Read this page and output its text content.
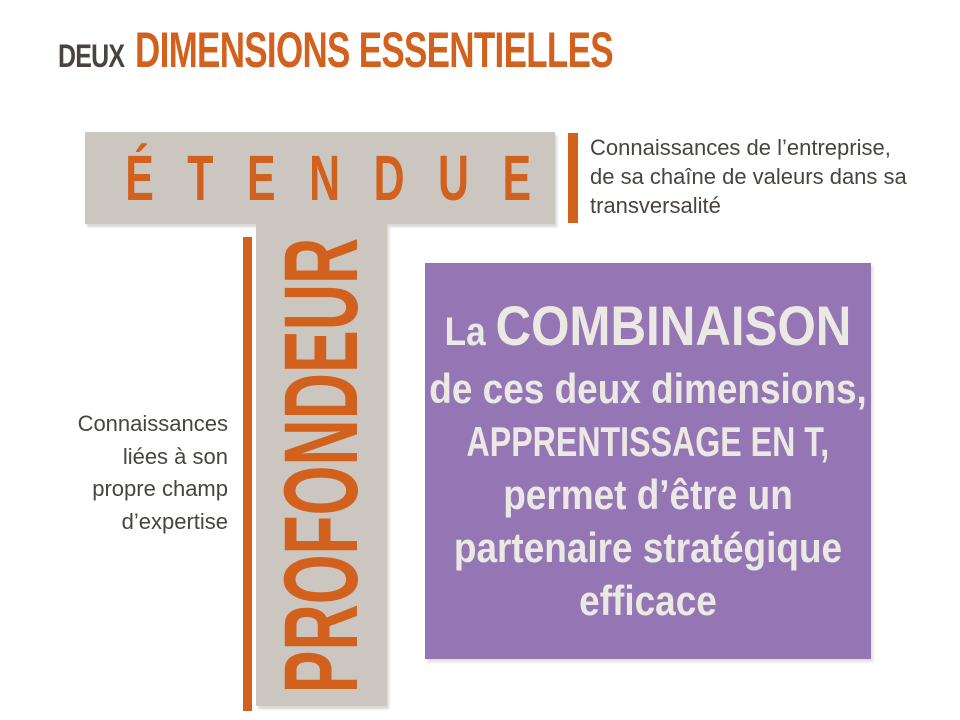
DEUX DIMENSIONS ESSENTIELLES
ÉTENDUE
PROFONDEUR
Connaissances de l’entreprise,
de sa chaîne de valeurs dans sa
transversalité
Connaissances
liées à son
propre champ
d’expertise
La COMBINAISON
de ces deux dimensions,
APPRENTISSAGE EN T,
permet d’être un
partenaire stratégique
efficace
